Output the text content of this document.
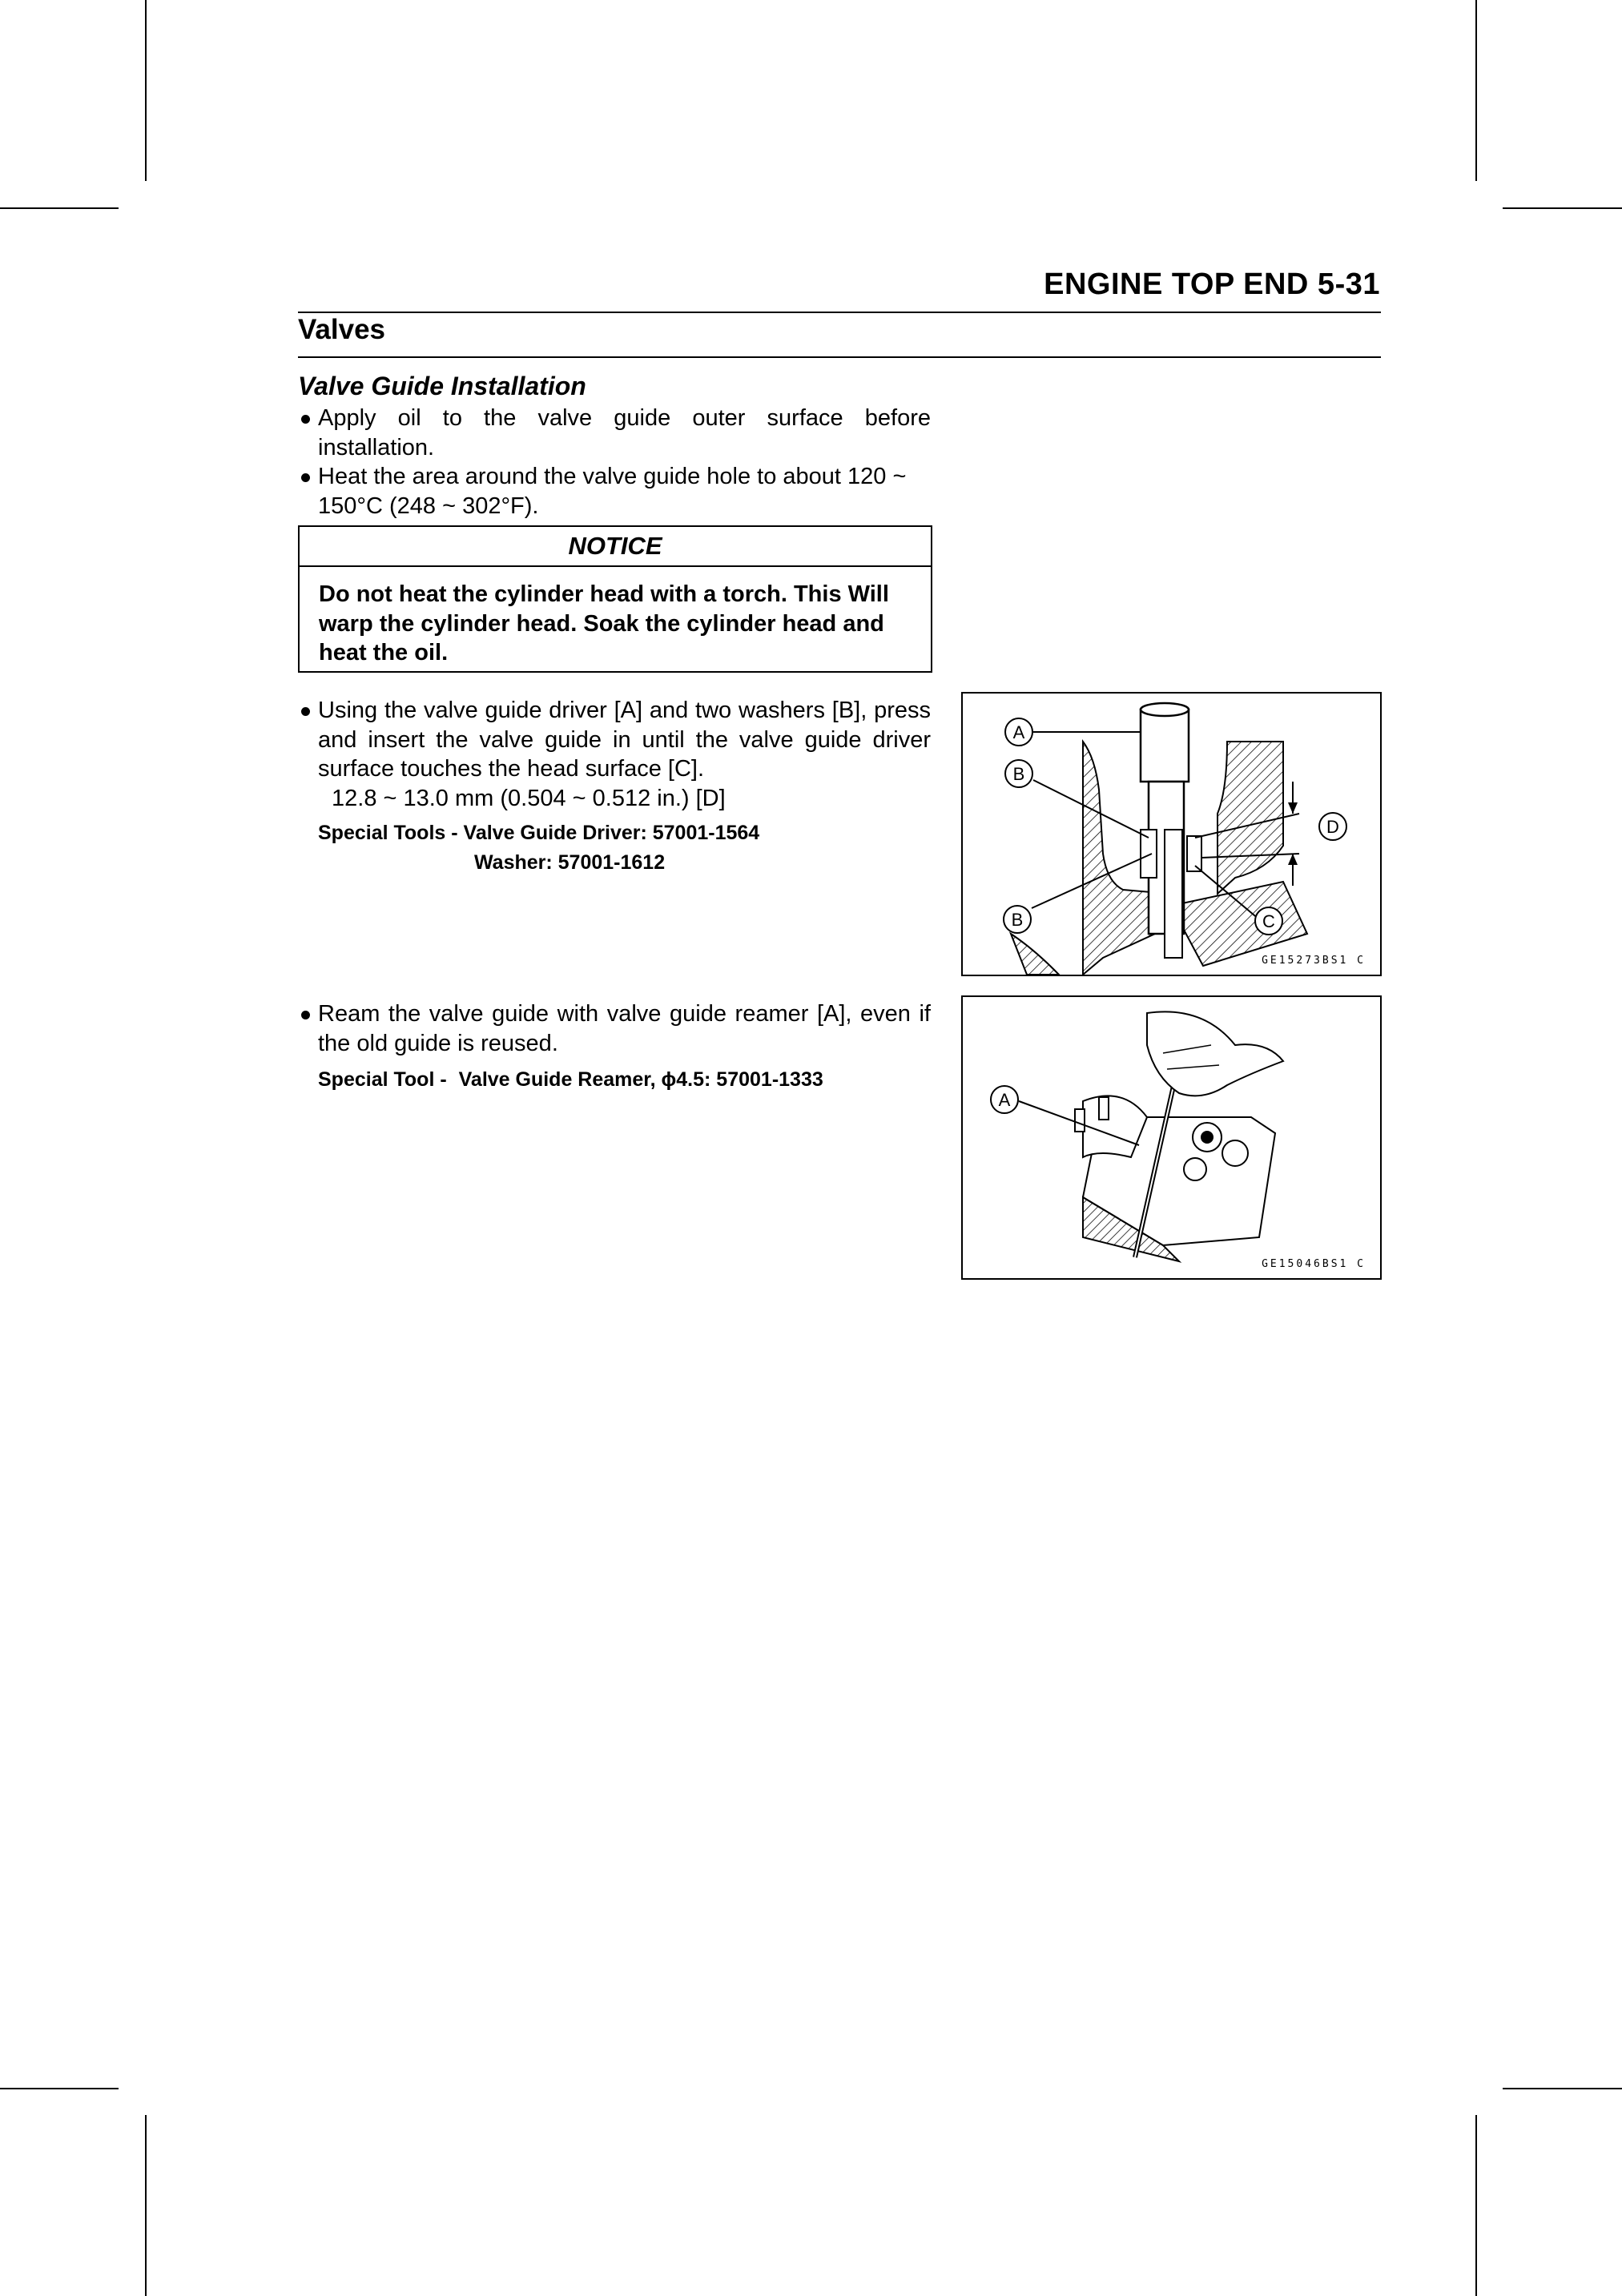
ENGINE TOP END 5-31
Valves
Valve Guide Installation
Apply oil to the valve guide outer surface before installation.
Heat the area around the valve guide hole to about 120 ~
150°C (248 ~ 302°F).
NOTICE
Do not heat the cylinder head with a torch. This Will warp the cylinder head. Soak the cylinder head and heat the oil.
Using the valve guide driver [A] and two washers [B], press and insert the valve guide in until the valve guide driver surface touches the head surface [C].
12.8 ~ 13.0 mm (0.504 ~ 0.512 in.) [D]
Special Tools - Valve Guide Driver: 57001-1564
Washer: 57001-1612
Ream the valve guide with valve guide reamer [A], even if the old guide is reused.
Special Tool - Valve Guide Reamer, ϕ4.5: 57001-1333
A
B
B	C
D
GE15273BS1 C
A
GE15046BS1 C
